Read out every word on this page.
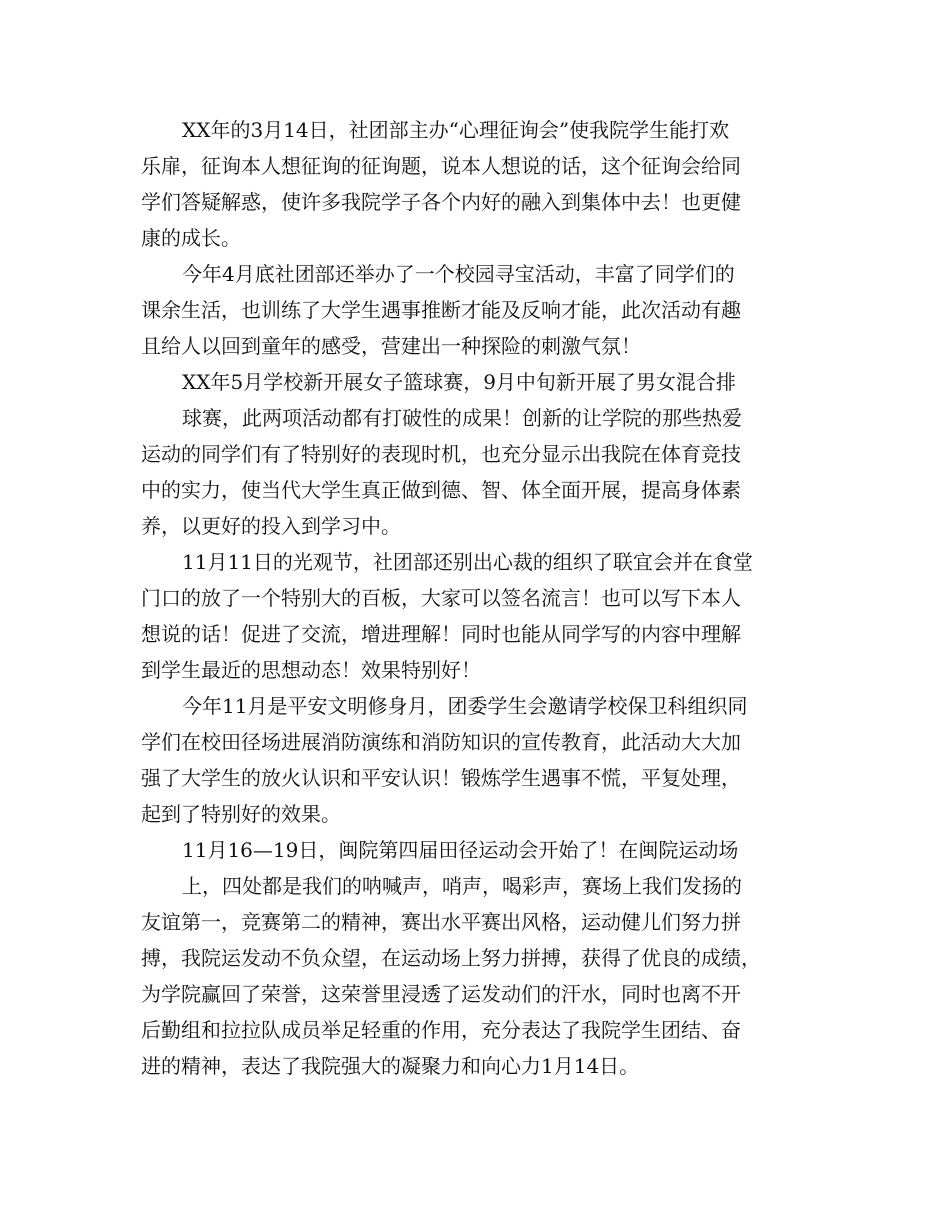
XX年的3月14日，社团部主办“心理征询会”使我院学生能打欢

乐扉，征询本人想征询的征询题，说本人想说的话，这个征询会给同

学们答疑解惑，使许多我院学子各个内好的融入到集体中去！也更健

康的成长。

今年4月底社团部还举办了一个校园寻宝活动，丰富了同学们的

课余生活，也训练了大学生遇事推断才能及反响才能，此次活动有趣

且给人以回到童年的感受，营建出一种探险的刺激气氛！

XX年5月学校新开展女子篮球赛，9月中旬新开展了男女混合排

球赛，此两项活动都有打破性的成果！创新的让学院的那些热爱

运动的同学们有了特别好的表现时机，也充分显示出我院在体育竞技

中的实力，使当代大学生真正做到德、智、体全面开展，提高身体素

养，以更好的投入到学习中。

11月11日的光观节，社团部还别出心裁的组织了联宜会并在食堂

门口的放了一个特别大的百板，大家可以签名流言！也可以写下本人

想说的话！促进了交流，增进理解！同时也能从同学写的内容中理解

到学生最近的思想动态！效果特别好！

今年11月是平安文明修身月，团委学生会邀请学校保卫科组织同

学们在校田径场进展消防演练和消防知识的宣传教育，此活动大大加

强了大学生的放火认识和平安认识！锻炼学生遇事不慌，平复处理，

起到了特别好的效果。

11月16—19日，闽院第四届田径运动会开始了！在闽院运动场

上，四处都是我们的呐喊声，哨声，喝彩声，赛场上我们发扬的

友谊第一，竞赛第二的精神，赛出水平赛出风格，运动健儿们努力拼

搏，我院运发动不负众望，在运动场上努力拼搏，获得了优良的成绩，

为学院赢回了荣誉，这荣誉里浸透了运发动们的汗水，同时也离不开

后勤组和拉拉队成员举足轻重的作用，充分表达了我院学生团结、奋

进的精神，表达了我院强大的凝聚力和向心力1月14日。
